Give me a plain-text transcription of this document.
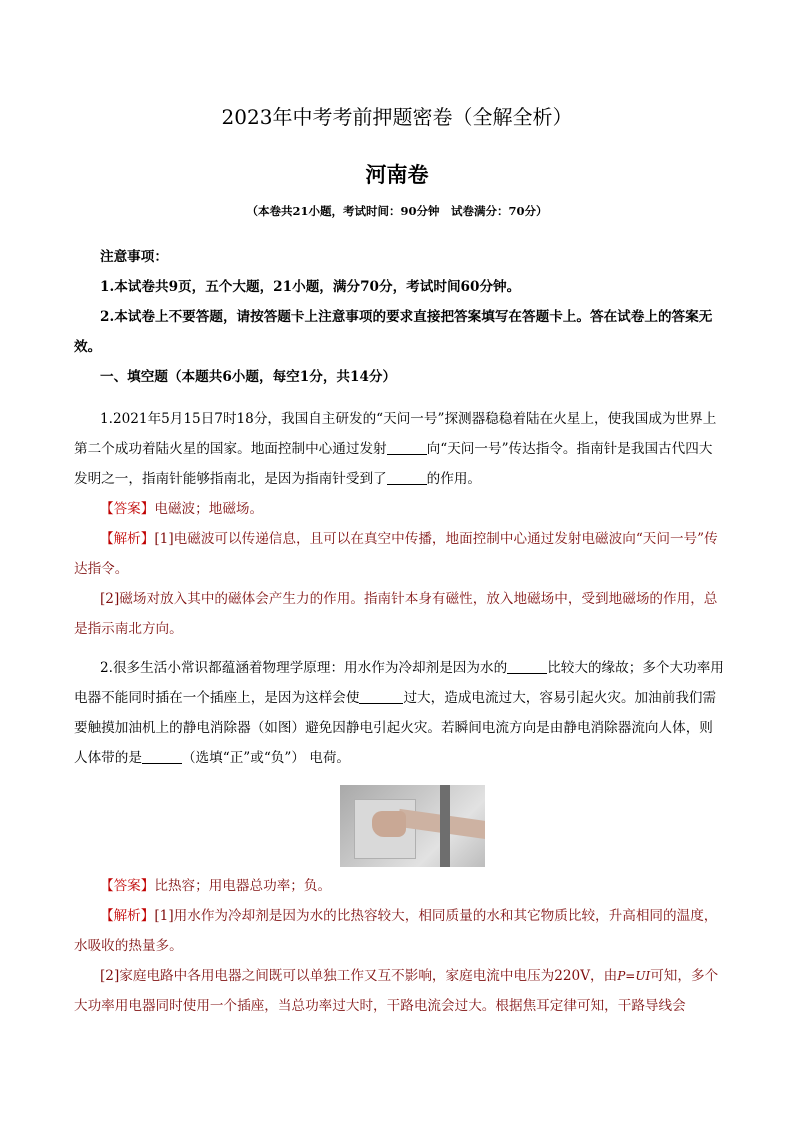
2023年中考考前押题密卷（全解全析）
河南卷
（本卷共21小题，考试时间：90分钟　试卷满分：70分）

注意事项：

1.本试卷共9页，五个大题，21小题，满分70分，考试时间60分钟。

2.本试卷上不要答题，请按答题卡上注意事项的要求直接把答案填写在答题卡上。答在试卷上的答案无效。

一、填空题（本题共6小题，每空1分，共14分）

1.2021年5月15日7时18分，我国自主研发的“天问一号”探测器稳稳着陆在火星上，使我国成为世界上第二个成功着陆火星的国家。地面控制中心通过发射	向“天问一号”传达指令。指南针是我国古代四大发明之一，指南针能够指南北，是因为指南针受到了	的作用。

【答案】电磁波；地磁场。

【解析】[1]电磁波可以传递信息，且可以在真空中传播，地面控制中心通过发射电磁波向“天问一号”传达指令。

[2]磁场对放入其中的磁体会产生力的作用。指南针本身有磁性，放入地磁场中，受到地磁场的作用，总是指示南北方向。

2.很多生活小常识都蕴涵着物理学原理：用水作为冷却剂是因为水的	比较大的缘故；多个大功率用电器不能同时插在一个插座上，是因为这样会使	过大，造成电流过大，容易引起火灾。加油前我们需要触摸加油机上的静电消除器（如图）避免因静电引起火灾。若瞬间电流方向是由静电消除器流向人体，则人体带的是	（选填“正”或“负”） 电荷。

【答案】比热容；用电器总功率；负。

【解析】[1]用水作为冷却剂是因为水的比热容较大，相同质量的水和其它物质比较，升高相同的温度，水吸收的热量多。

[2]家庭电路中各用电器之间既可以单独工作又互不影响，家庭电流中电压为220V，由P=UI可知，多个大功率用电器同时使用一个插座，当总功率过大时，干路电流会过大。根据焦耳定律可知，干路导线会
